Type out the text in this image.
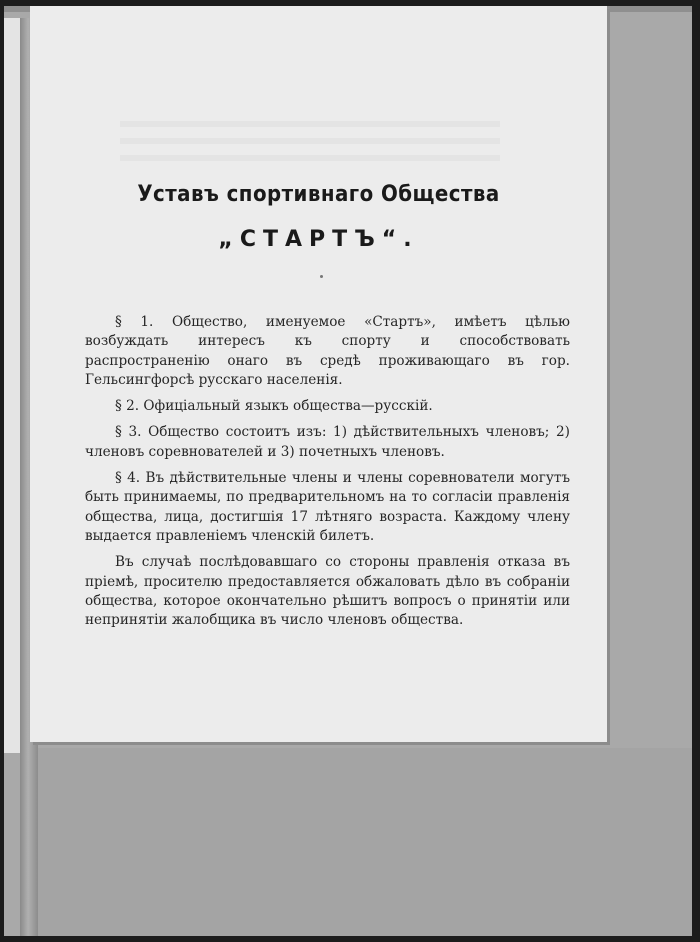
Уставъ спортивнаго Общества
„СТАРТЪ“.

§ 1. Общество, именуемое «Стартъ», имѣетъ цѣлью возбуждать интересъ къ спорту и способствовать распространенію онаго въ средѣ проживающаго въ гор. Гельсингфорсѣ русскаго населенія.

§ 2. Офиціальный языкъ общества—русскій.

§ 3. Общество состоитъ изъ: 1) дѣйствительныхъ членовъ; 2) членовъ соревнователей и 3) почетныхъ членовъ.

§ 4. Въ дѣйствительные члены и члены соревнователи могутъ быть принимаемы, по предварительномъ на то согласіи правленія общества, лица, достигшія 17 лѣтняго возраста. Каждому члену выдается правленіемъ членскій билетъ.

Въ случаѣ послѣдовавшаго со стороны правленія отказа въ пріемѣ, просителю предоставляется обжаловать дѣло въ собраніи общества, которое окончательно рѣшитъ вопросъ о принятіи или непринятіи жалобщика въ число членовъ общества.
